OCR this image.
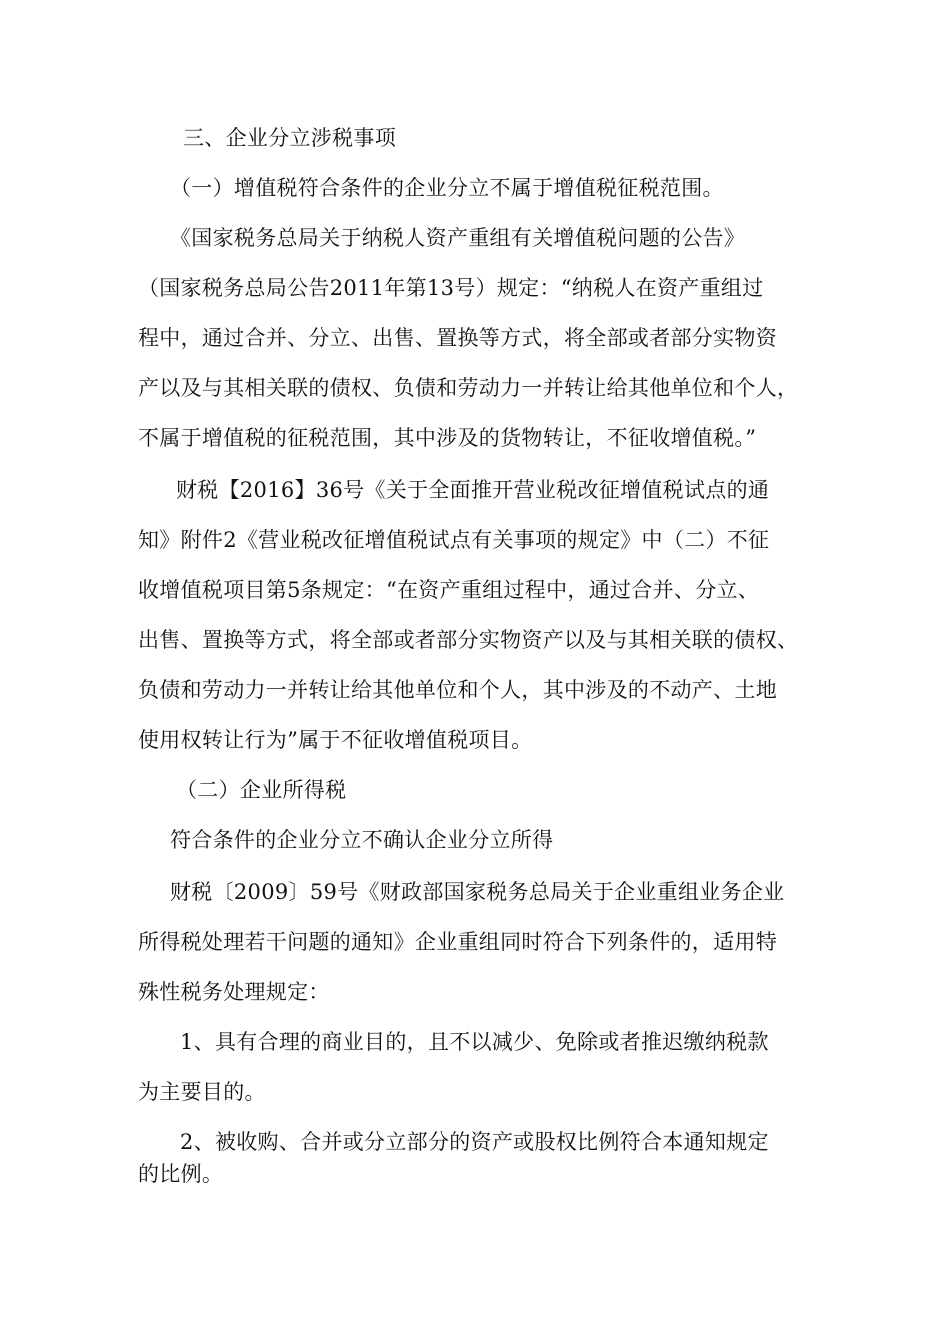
三、企业分立涉税事项
（一）增值税符合条件的企业分立不属于增值税征税范围。
《国家税务总局关于纳税人资产重组有关增值税问题的公告》
（国家税务总局公告2011年第13号）规定：“纳税人在资产重组过
程中，通过合并、分立、出售、置换等方式，将全部或者部分实物资
产以及与其相关联的债权、负债和劳动力一并转让给其他单位和个人，
不属于增值税的征税范围，其中涉及的货物转让，不征收增值税。”
财税【2016】36号《关于全面推开营业税改征增值税试点的通
知》附件2《营业税改征增值税试点有关事项的规定》中（二）不征
收增值税项目第5条规定：“在资产重组过程中，通过合并、分立、
出售、置换等方式，将全部或者部分实物资产以及与其相关联的债权、
负债和劳动力一并转让给其他单位和个人，其中涉及的不动产、土地
使用权转让行为”属于不征收增值税项目。
（二）企业所得税
符合条件的企业分立不确认企业分立所得
财税〔2009〕59号《财政部国家税务总局关于企业重组业务企业
所得税处理若干问题的通知》企业重组同时符合下列条件的，适用特
殊性税务处理规定：
1、具有合理的商业目的，且不以减少、免除或者推迟缴纳税款
为主要目的。
2、被收购、合并或分立部分的资产或股权比例符合本通知规定
的比例。
